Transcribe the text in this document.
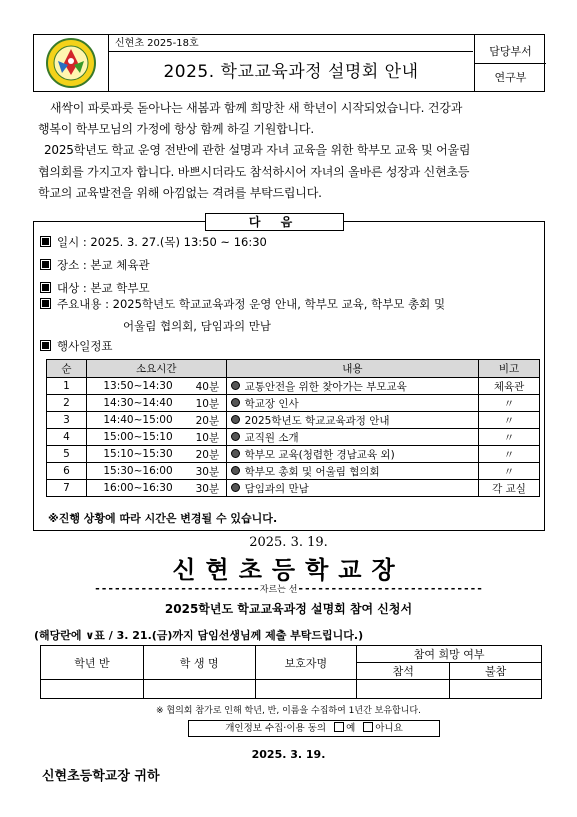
신현초 2025-18호
2025. 학교교육과정 설명회 안내
담당부서
연구부
새싹이 파릇파릇 돋아나는 새봄과 함께 희망찬 새 학년이 시작되었습니다. 건강과
행복이 학부모님의 가정에 항상 함께 하길 기원합니다.
2025학년도 학교 운영 전반에 관한 설명과 자녀 교육을 위한 학부모 교육 및 어울림
협의회를 가지고자 합니다. 바쁘시더라도 참석하시어 자녀의 올바른 성장과 신현초등
학교의 교육발전을 위해 아낌없는 격려를 부탁드립니다.
다 음
일시 : 2025. 3. 27.(목) 13:50 ~ 16:30
장소 : 본교 체육관
대상 : 본교 학부모
주요내용 : 2025학년도 학교교육과정 운영 안내, 학부모 교육, 학부모 총회 및
어울림 협의회, 담임과의 만남
행사일정표
순	소요시간		내용	비고
1	13:50~14:30	40분	교통안전을 위한 찾아가는 부모교육	체육관
2	14:30~14:40	10분	학교장 인사	〃
3	14:40~15:00	20분	2025학년도 학교교육과정 안내	〃
4	15:00~15:10	10분	교직원 소개	〃
5	15:10~15:30	20분	학부모 교육(청렴한 경남교육 외)	〃
6	15:30~16:00	30분	학부모 총회 및 어울림 협의회	〃
7	16:00~16:30	30분	담임과의 만남	각 교실
※진행 상황에 따라 시간은 변경될 수 있습니다.
2025. 3. 19.
신현초등학교장
-------------------------자르는 선----------------------------
2025학년도 학교교육과정 설명회 참여 신청서
(해당란에 ∨표 / 3. 21.(금)까지 담임선생님께 제출 부탁드립니다.)
학년 반	학 생 명	보호자명	참여 희망 여부	
			참석	불참

※ 협의회 참가로 인해 학년, 반, 이름을 수집하여 1년간 보유합니다.
개인정보 수집·이용 동의 예 아니요
2025. 3. 19.
신현초등학교장 귀하
